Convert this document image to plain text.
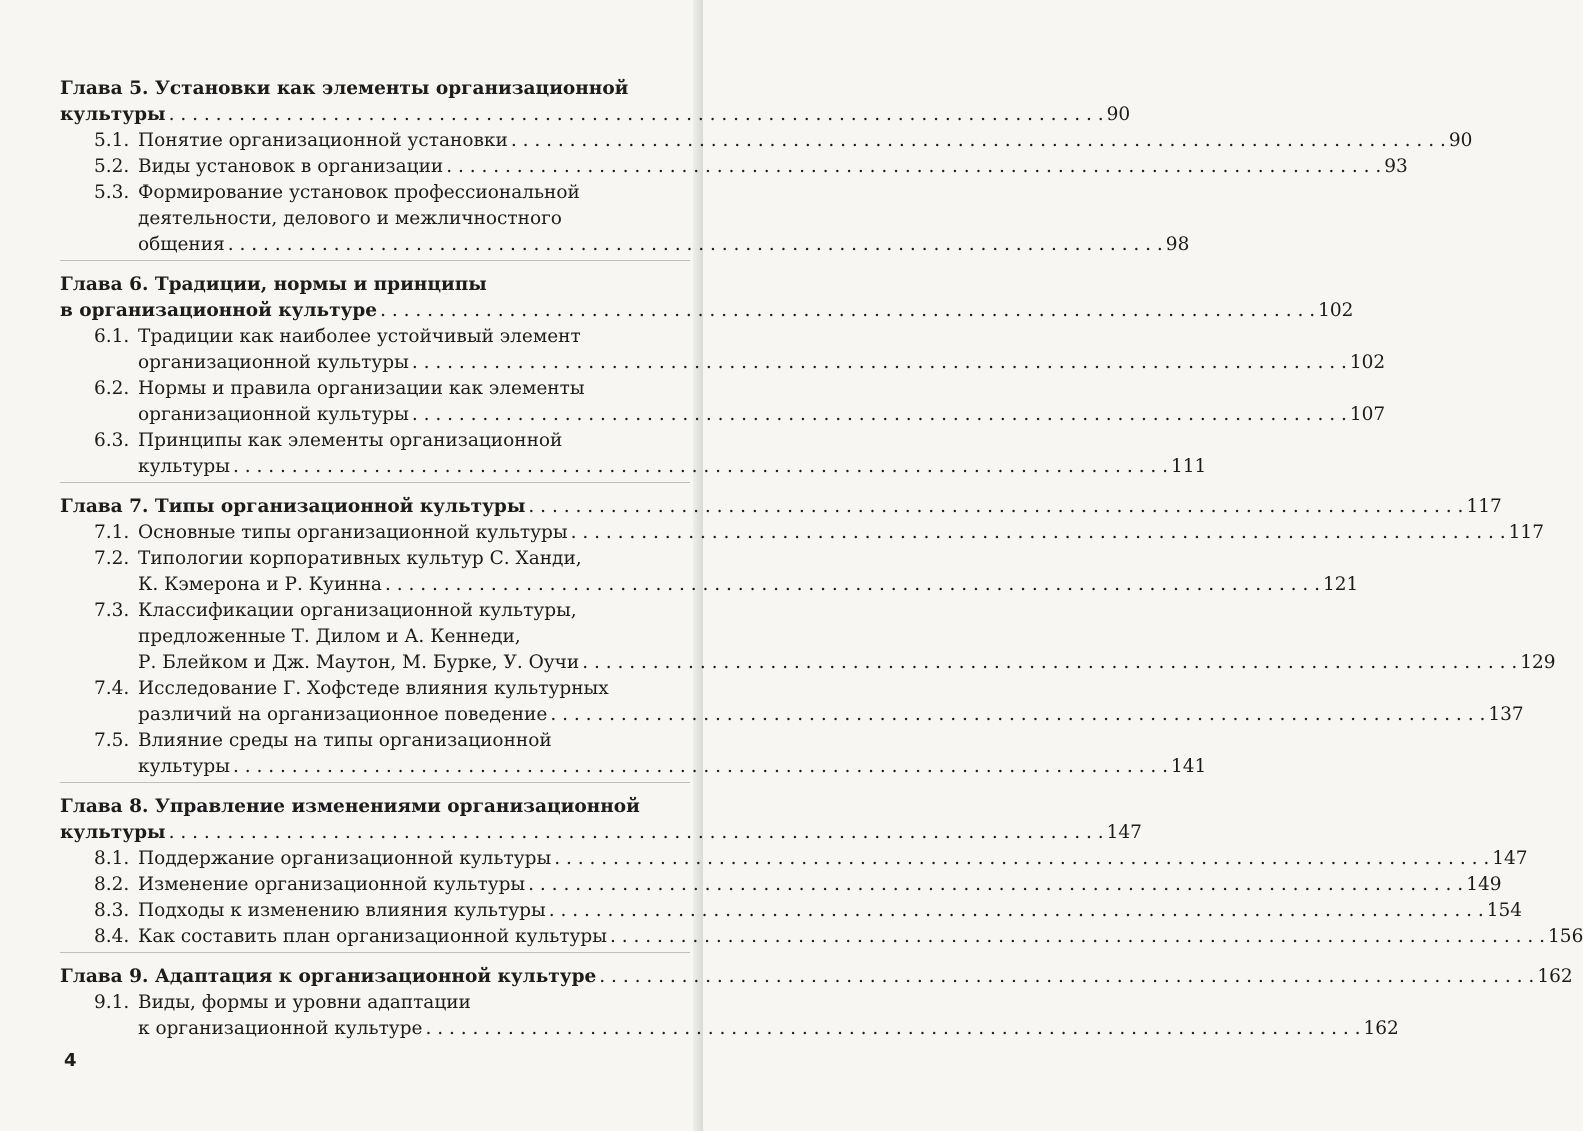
Глава 5. Установки как элементы организационной
культуры . . . . . . . . . . . . . . . . . . . . . . . . . . . . . . . . . . . . . . . . . . . . . . . . . . . . . . . . . . . . . . . . . . . . . . . . . . . . . . . . 90
5.1. Понятие организационной установки . . . . . . . . . . . . . . . . . . . . . . . . . . . . . . . . . . . . . . . . . . . . . . . . . . . . . . . . . . . . . . . . . . . . . . . . . . . . . . . . 90
5.2. Виды установок в организации . . . . . . . . . . . . . . . . . . . . . . . . . . . . . . . . . . . . . . . . . . . . . . . . . . . . . . . . . . . . . . . . . . . . . . . . . . . . . . . . 93
5.3. Формирование установок профессиональной
деятельности, делового и межличностного
общения . . . . . . . . . . . . . . . . . . . . . . . . . . . . . . . . . . . . . . . . . . . . . . . . . . . . . . . . . . . . . . . . . . . . . . . . . . . . . . . . 98
Глава 6. Традиции, нормы и принципы
в организационной культуре . . . . . . . . . . . . . . . . . . . . . . . . . . . . . . . . . . . . . . . . . . . . . . . . . . . . . . . . . . . . . . . . . . . . . . . . . . . . . . . . 102
6.1. Традиции как наиболее устойчивый элемент
организационной культуры . . . . . . . . . . . . . . . . . . . . . . . . . . . . . . . . . . . . . . . . . . . . . . . . . . . . . . . . . . . . . . . . . . . . . . . . . . . . . . . . 102
6.2. Нормы и правила организации как элементы
организационной культуры . . . . . . . . . . . . . . . . . . . . . . . . . . . . . . . . . . . . . . . . . . . . . . . . . . . . . . . . . . . . . . . . . . . . . . . . . . . . . . . . 107
6.3. Принципы как элементы организационной
культуры . . . . . . . . . . . . . . . . . . . . . . . . . . . . . . . . . . . . . . . . . . . . . . . . . . . . . . . . . . . . . . . . . . . . . . . . . . . . . . . . 111
Глава 7. Типы организационной культуры . . . . . . . . . . . . . . . . . . . . . . . . . . . . . . . . . . . . . . . . . . . . . . . . . . . . . . . . . . . . . . . . . . . . . . . . . . . . . . . . 117
7.1. Основные типы организационной культуры . . . . . . . . . . . . . . . . . . . . . . . . . . . . . . . . . . . . . . . . . . . . . . . . . . . . . . . . . . . . . . . . . . . . . . . . . . . . . . . . 117
7.2. Типологии корпоративных культур С. Ханди,
К. Кэмерона и Р. Куинна . . . . . . . . . . . . . . . . . . . . . . . . . . . . . . . . . . . . . . . . . . . . . . . . . . . . . . . . . . . . . . . . . . . . . . . . . . . . . . . . 121
7.3. Классификации организационной культуры,
предложенные Т. Дилом и А. Кеннеди,
Р. Блейком и Дж. Маутон, М. Бурке, У. Оучи . . . . . . . . . . . . . . . . . . . . . . . . . . . . . . . . . . . . . . . . . . . . . . . . . . . . . . . . . . . . . . . . . . . . . . . . . . . . . . . . 129
7.4. Исследование Г. Хофстеде влияния культурных
различий на организационное поведение . . . . . . . . . . . . . . . . . . . . . . . . . . . . . . . . . . . . . . . . . . . . . . . . . . . . . . . . . . . . . . . . . . . . . . . . . . . . . . . . 137
7.5. Влияние среды на типы организационной
культуры . . . . . . . . . . . . . . . . . . . . . . . . . . . . . . . . . . . . . . . . . . . . . . . . . . . . . . . . . . . . . . . . . . . . . . . . . . . . . . . . 141
Глава 8. Управление изменениями организационной
культуры . . . . . . . . . . . . . . . . . . . . . . . . . . . . . . . . . . . . . . . . . . . . . . . . . . . . . . . . . . . . . . . . . . . . . . . . . . . . . . . . 147
8.1. Поддержание организационной культуры . . . . . . . . . . . . . . . . . . . . . . . . . . . . . . . . . . . . . . . . . . . . . . . . . . . . . . . . . . . . . . . . . . . . . . . . . . . . . . . . 147
8.2. Изменение организационной культуры . . . . . . . . . . . . . . . . . . . . . . . . . . . . . . . . . . . . . . . . . . . . . . . . . . . . . . . . . . . . . . . . . . . . . . . . . . . . . . . . 149
8.3. Подходы к изменению влияния культуры . . . . . . . . . . . . . . . . . . . . . . . . . . . . . . . . . . . . . . . . . . . . . . . . . . . . . . . . . . . . . . . . . . . . . . . . . . . . . . . . 154
8.4. Как составить план организационной культуры . . . . . . . . . . . . . . . . . . . . . . . . . . . . . . . . . . . . . . . . . . . . . . . . . . . . . . . . . . . . . . . . . . . . . . . . . . . . . . . . 156
Глава 9. Адаптация к организационной культуре . . . . . . . . . . . . . . . . . . . . . . . . . . . . . . . . . . . . . . . . . . . . . . . . . . . . . . . . . . . . . . . . . . . . . . . . . . . . . . . . 162
9.1. Виды, формы и уровни адаптации
к организационной культуре . . . . . . . . . . . . . . . . . . . . . . . . . . . . . . . . . . . . . . . . . . . . . . . . . . . . . . . . . . . . . . . . . . . . . . . . . . . . . . . . 162
4
